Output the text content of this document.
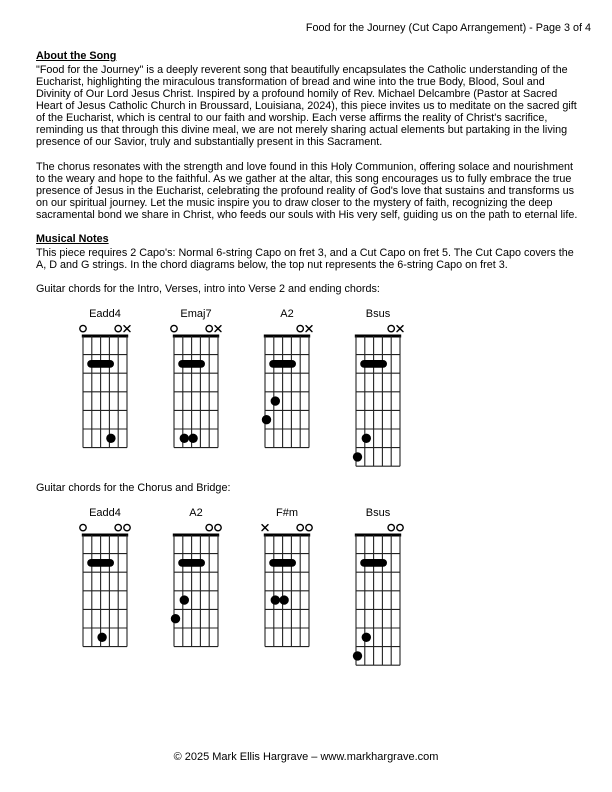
Food for the Journey (Cut Capo Arrangement) - Page 3 of 4
About the Song

"Food for the Journey" is a deeply reverent song that beautifully encapsulates the Catholic understanding of the Eucharist, highlighting the miraculous transformation of bread and wine into the true Body, Blood, Soul and Divinity of Our Lord Jesus Christ. Inspired by a profound homily of Rev. Michael Delcambre (Pastor at Sacred Heart of Jesus Catholic Church in Broussard, Louisiana, 2024), this piece invites us to meditate on the sacred gift of the Eucharist, which is central to our faith and worship. Each verse affirms the reality of Christ's sacrifice, reminding us that through this divine meal, we are not merely sharing actual elements but partaking in the living presence of our Savior, truly and substantially present in this Sacrament.

The chorus resonates with the strength and love found in this Holy Communion, offering solace and nourishment to the weary and hope to the faithful. As we gather at the altar, this song encourages us to fully embrace the true presence of Jesus in the Eucharist, celebrating the profound reality of God's love that sustains and transforms us on our spiritual journey. Let the music inspire you to draw closer to the mystery of faith, recognizing the deep sacramental bond we share in Christ, who feeds our souls with His very self, guiding us on the path to eternal life.

Musical Notes

This piece requires 2 Capo's: Normal 6-string Capo on fret 3, and a Cut Capo on fret 5. The Cut Capo covers the A, D and G strings. In the chord diagrams below, the top nut represents the 6-string Capo on fret 3.

Guitar chords for the Intro, Verses, intro into Verse 2 and ending chords:

Eadd4	Emaj7	A2	Bsus

Guitar chords for the Chorus and Bridge:

Eadd4	A2	F#m	Bsus
© 2025 Mark Ellis Hargrave – www.markhargrave.com
